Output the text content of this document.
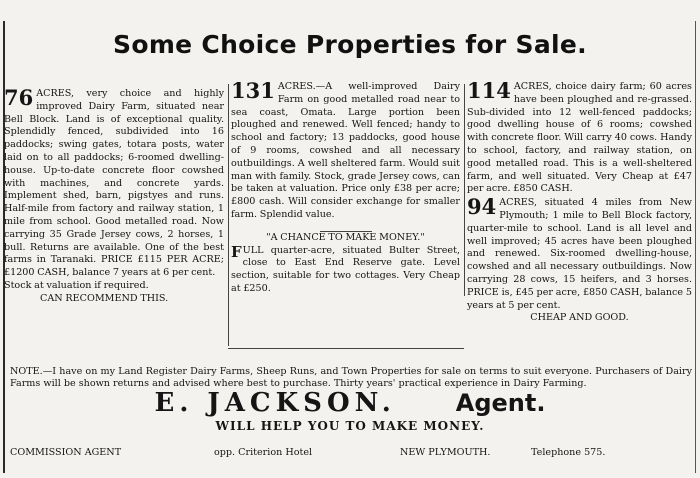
Some Choice Properties for Sale.

76 ACRES, very choice and highly improved Dairy Farm, situated near Bell Block. Land is of exceptional quality. Splendidly fenced, subdivided into 16 paddocks; swing gates, totara posts, water laid on to all paddocks; 6-roomed dwelling-house. Up-to-date concrete floor cowshed with machines, and concrete yards. Implement shed, barn, pigstyes and runs. Half-mile from factory and railway station, 1 mile from school. Good metalled road. Now carrying 35 Grade Jersey cows, 2 horses, 1 bull. Returns are available. One of the best farms in Taranaki. PRICE £115 PER ACRE; £1200 CASH, balance 7 years at 6 per cent.

Stock at valuation if required.

CAN RECOMMEND THIS.

131 ACRES.—A well-improved Dairy Farm on good metalled road near to sea coast, Omata. Large portion been ploughed and renewed. Well fenced; handy to school and factory; 13 paddocks, good house of 9 rooms, cowshed and all necessary outbuildings. A well sheltered farm. Would suit man with family. Stock, grade Jersey cows, can be taken at valuation. Price only £38 per acre; £800 cash. Will consider exchange for smaller farm. Splendid value.

"A CHANCE TO MAKE MONEY."

F ULL quarter-acre, situated Bulter Street, close to East End Reserve gate. Level section, suitable for two cottages. Very Cheap at £250.

114 ACRES, choice dairy farm; 60 acres have been ploughed and re-grassed. Sub-divided into 12 well-fenced paddocks; good dwelling house of 6 rooms; cowshed with concrete floor. Will carry 40 cows. Handy to school, factory, and railway station, on good metalled road. This is a well-sheltered farm, and well situated. Very Cheap at £47 per acre. £850 CASH.

94 ACRES, situated 4 miles from New Plymouth; 1 mile to Bell Block factory, quarter-mile to school. Land is all level and well improved; 45 acres have been ploughed and renewed. Six-roomed dwelling-house, cowshed and all necessary outbuildings. Now carrying 28 cows, 15 heifers, and 3 horses. PRICE is, £45 per acre, £850 CASH, balance 5 years at 5 per cent.

CHEAP AND GOOD.

NOTE.—I have on my Land Register Dairy Farms, Sheep Runs, and Town Properties for sale on terms to suit everyone. Purchasers of Dairy Farms will be shown returns and advised where best to purchase. Thirty years' practical experience in Dairy Farming.

E. JACKSON.	Agent.
WILL HELP YOU TO MAKE MONEY.
COMMISSION AGENT	opp. Criterion Hotel	NEW PLYMOUTH.	Telephone 575.
